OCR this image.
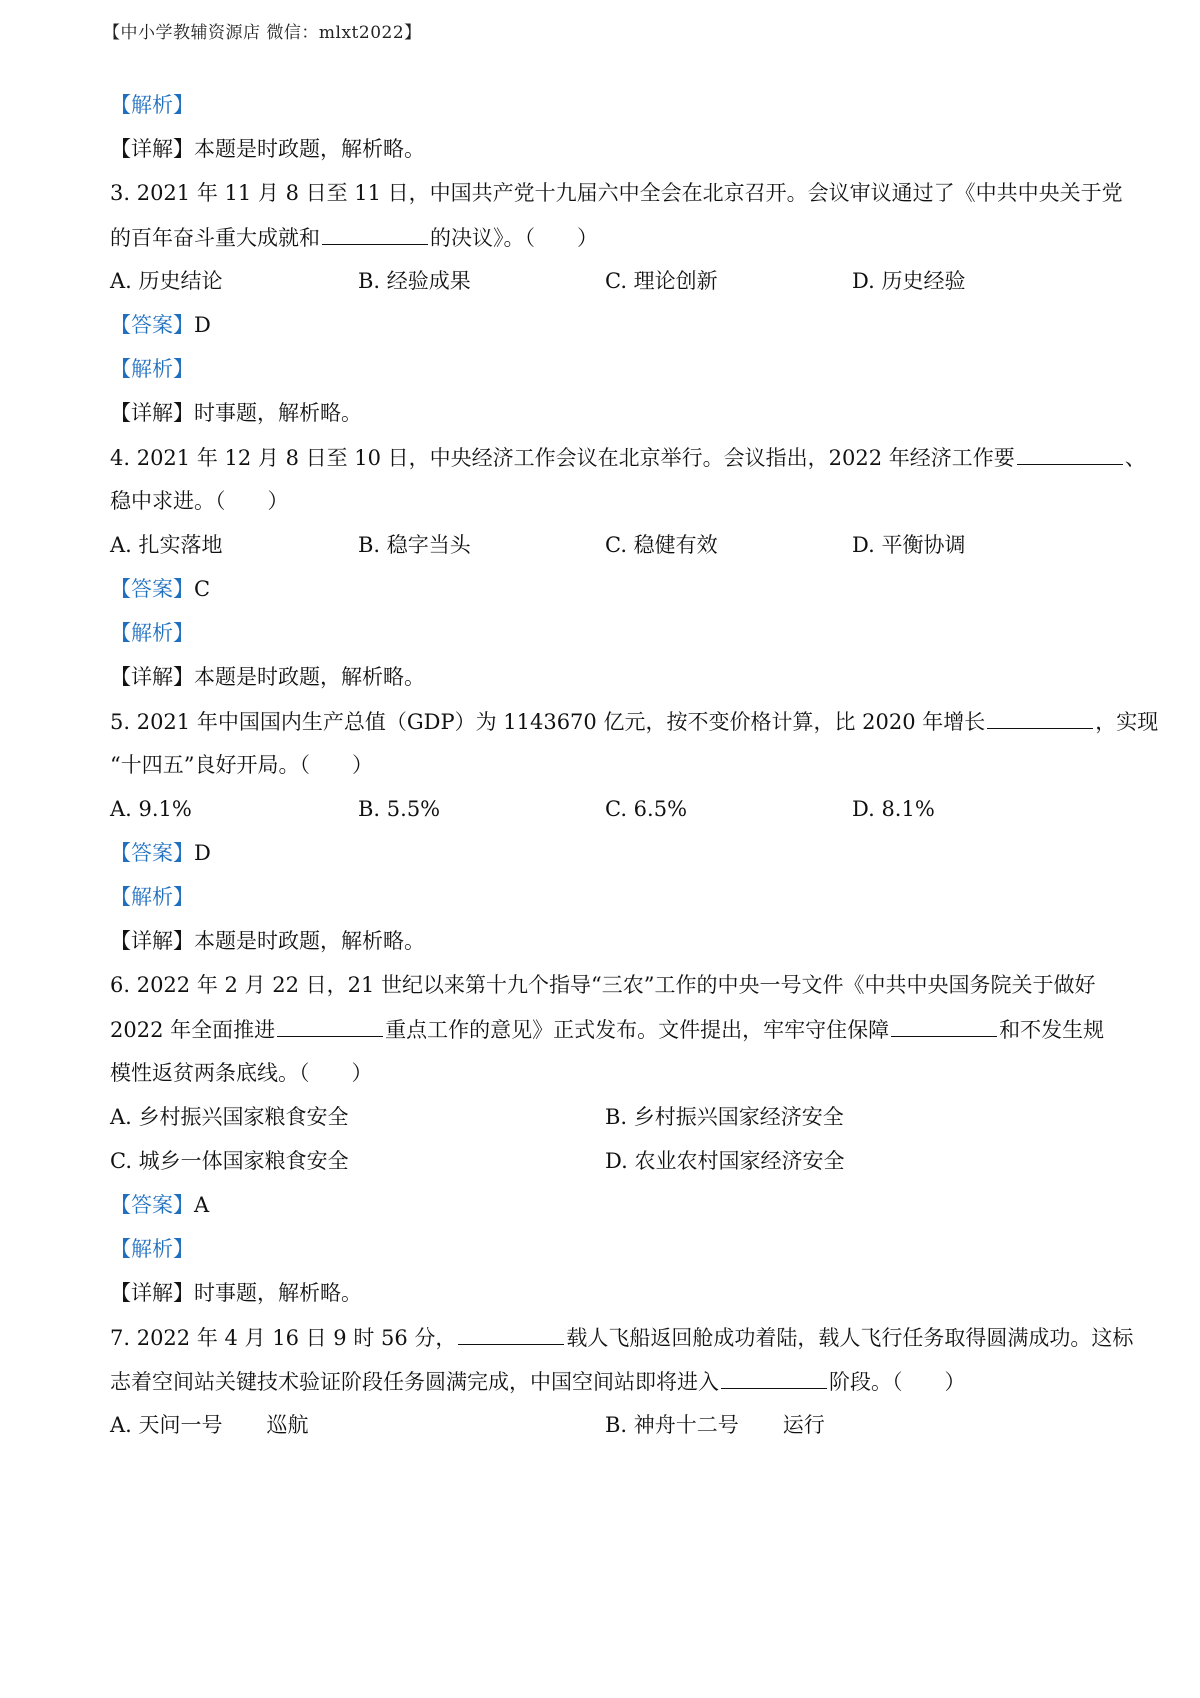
【中小学教辅资源店 微信：mlxt2022】
【解析】
【详解】本题是时政题，解析略。
3. 2021 年 11 月 8 日至 11 日，中国共产党十九届六中全会在北京召开。会议审议通过了《中共中央关于党
的百年奋斗重大成就和	的决议》。（　　）
A. 历史结论	B. 经验成果	C. 理论创新	D. 历史经验
【答案】D
【解析】
【详解】时事题，解析略。
4. 2021 年 12 月 8 日至 10 日，中央经济工作会议在北京举行。会议指出，2022 年经济工作要	、
稳中求进。（　　）
A. 扎实落地	B. 稳字当头	C. 稳健有效	D. 平衡协调
【答案】C
【解析】
【详解】本题是时政题，解析略。
5. 2021 年中国国内生产总值（GDP）为 1143670 亿元，按不变价格计算，比 2020 年增长	，实现
“十四五”良好开局。（　　）
A. 9.1%	B. 5.5%	C. 6.5%	D. 8.1%
【答案】D
【解析】
【详解】本题是时政题，解析略。
6. 2022 年 2 月 22 日，21 世纪以来第十九个指导“三农”工作的中央一号文件《中共中央国务院关于做好
2022 年全面推进	重点工作的意见》正式发布。文件提出，牢牢守住保障	和不发生规
模性返贫两条底线。（　　）
A. 乡村振兴国家粮食安全	B. 乡村振兴国家经济安全
C. 城乡一体国家粮食安全	D. 农业农村国家经济安全
【答案】A
【解析】
【详解】时事题，解析略。
7. 2022 年 4 月 16 日 9 时 56 分，	载人飞船返回舱成功着陆，载人飞行任务取得圆满成功。这标
志着空间站关键技术验证阶段任务圆满完成，中国空间站即将进入	阶段。（　　）
A. 天问一号 巡航	B. 神舟十二号 运行
